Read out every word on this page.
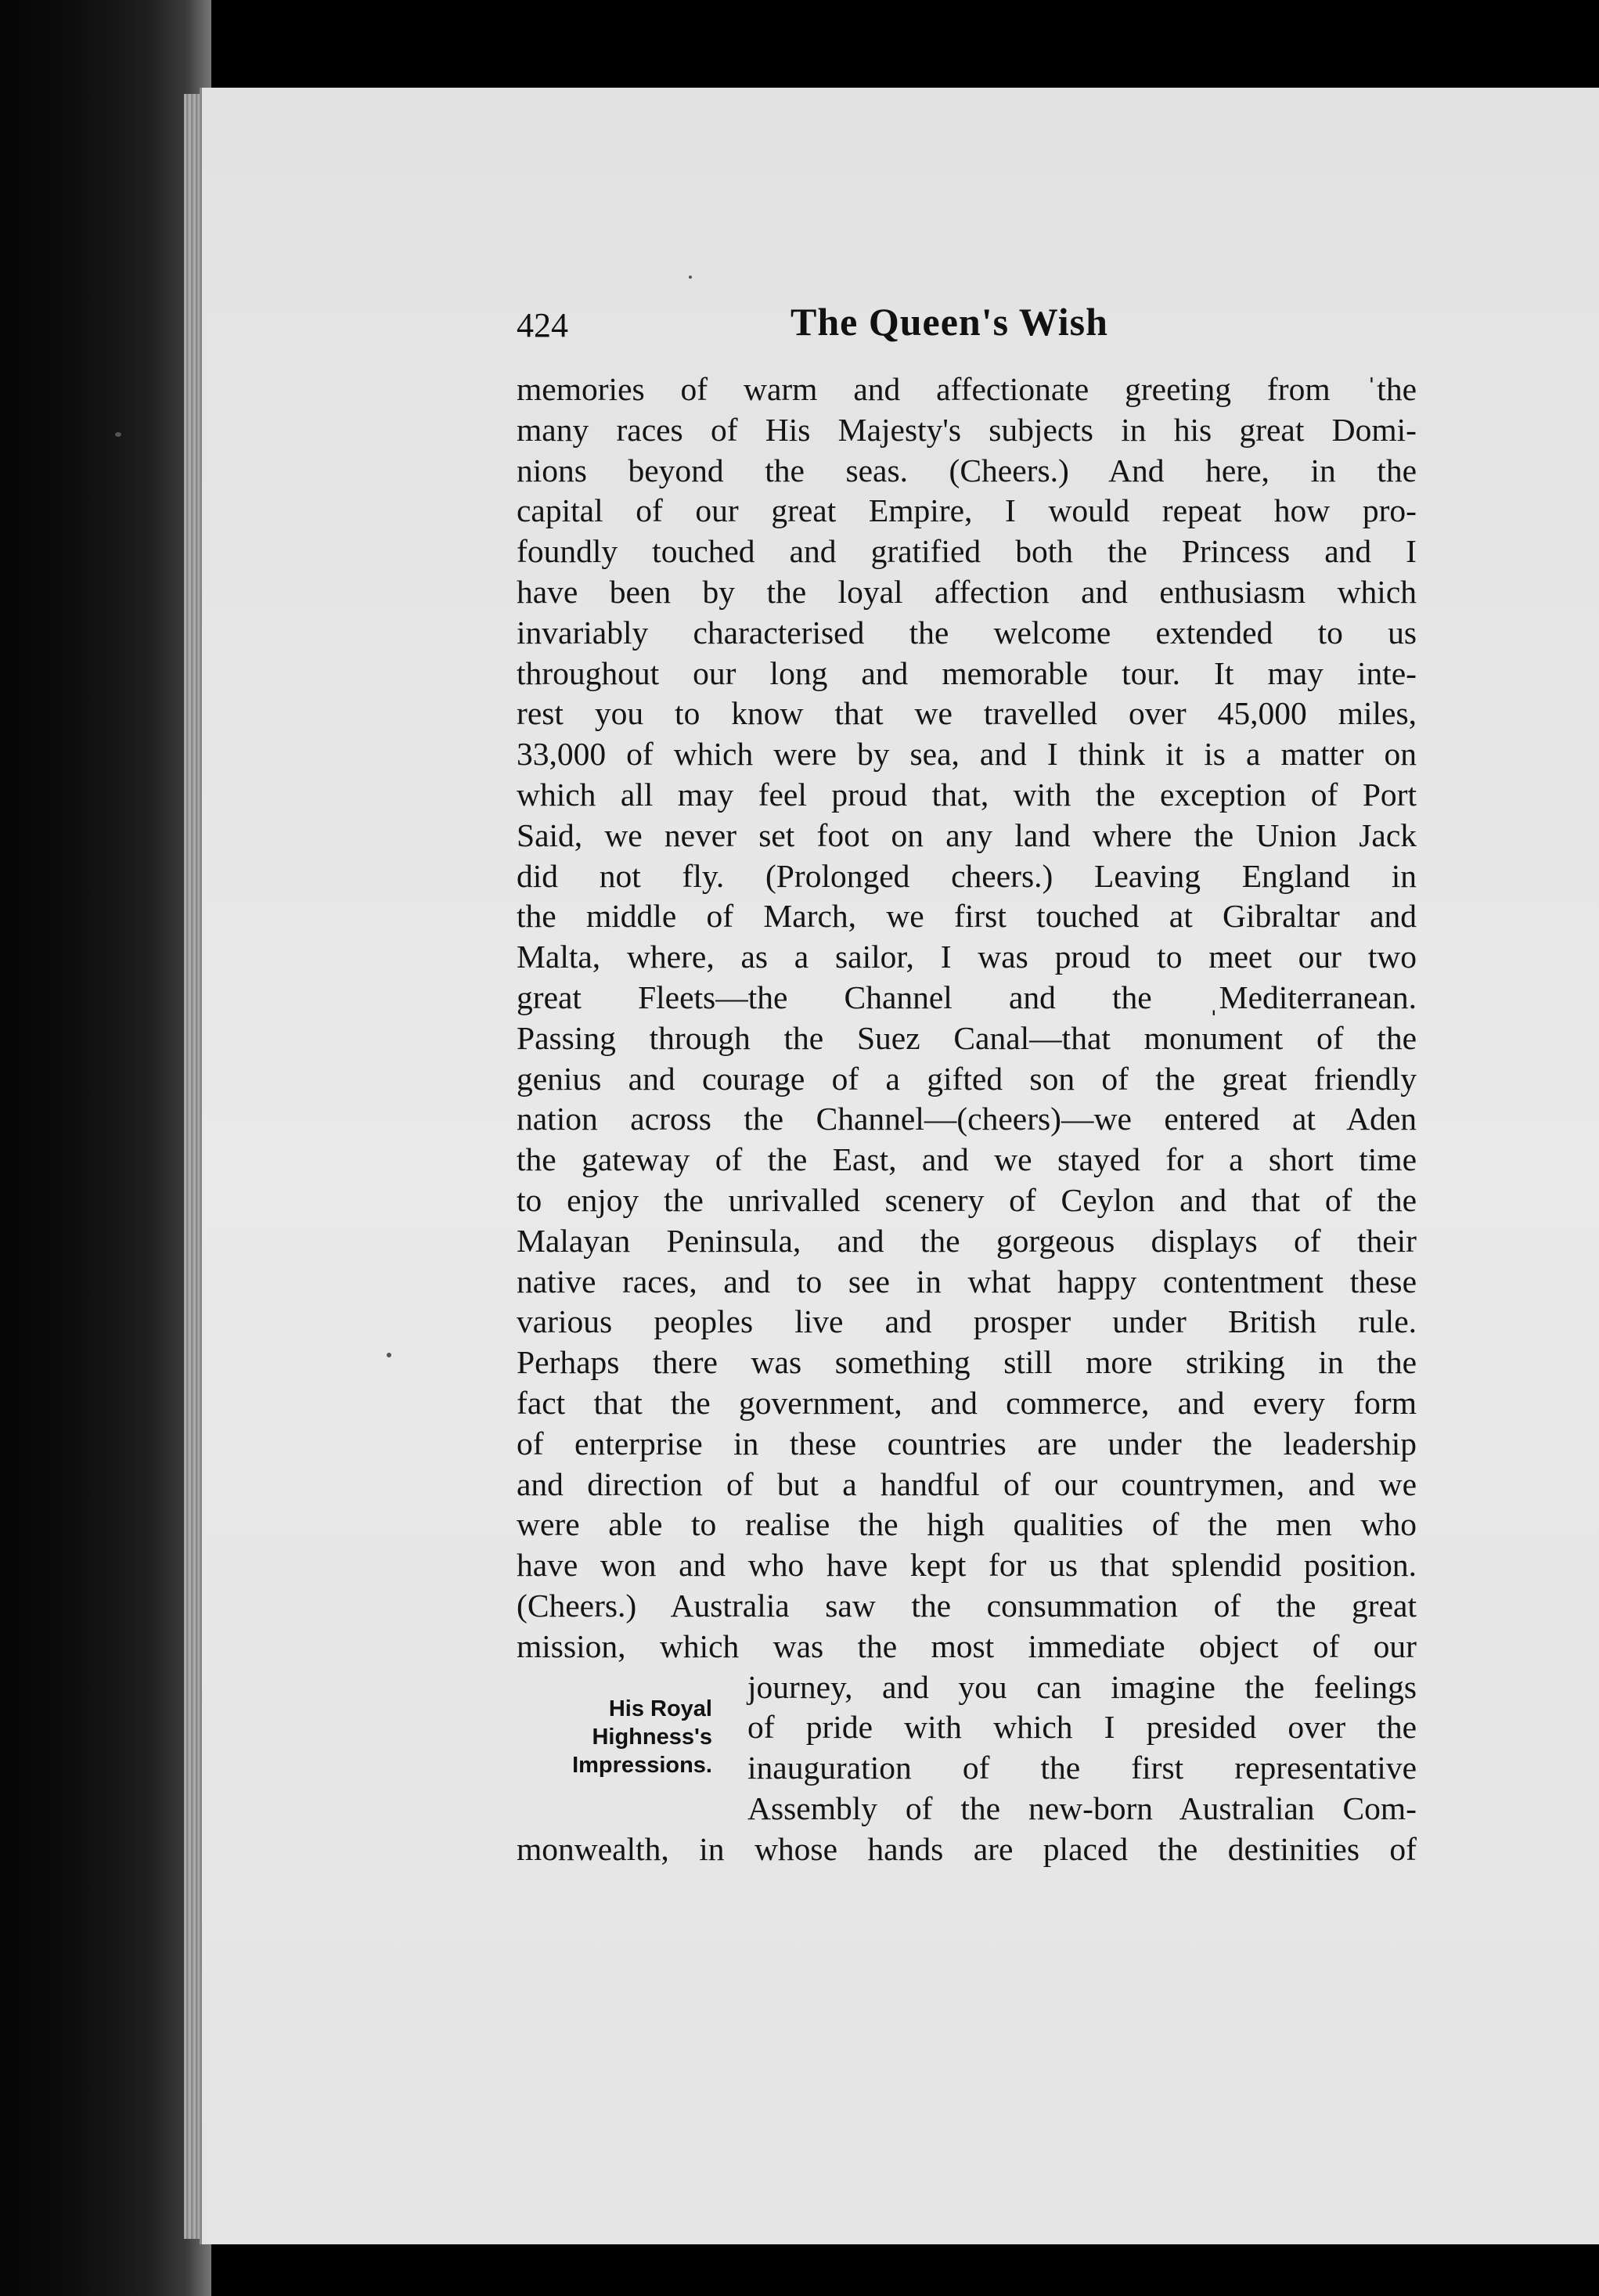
424	The Queen's Wish
memories of warm and affectionate greeting from ˈthe
many races of His Majesty's subjects in his great Domi-
nions beyond the seas. (Cheers.) And here, in the
capital of our great Empire, I would repeat how pro-
foundly touched and gratified both the Princess and I
have been by the loyal affection and enthusiasm which
invariably characterised the welcome extended to us
throughout our long and memorable tour. It may inte-
rest you to know that we travelled over 45,000 miles,
33,000 of which were by sea, and I think it is a matter on
which all may feel proud that, with the exception of Port
Said, we never set foot on any land where the Union Jack
did not fly. (Prolonged cheers.) Leaving England in
the middle of March, we first touched at Gibraltar and
Malta, where, as a sailor, I was proud to meet our two
great Fleets—the Channel and the ˌMediterranean.
Passing through the Suez Canal—that monument of the
genius and courage of a gifted son of the great friendly
nation across the Channel—(cheers)—we entered at Aden
the gateway of the East, and we stayed for a short time
to enjoy the unrivalled scenery of Ceylon and that of the
Malayan Peninsula, and the gorgeous displays of their
native races, and to see in what happy contentment these
various peoples live and prosper under British rule.
Perhaps there was something still more striking in the
fact that the government, and commerce, and every form
of enterprise in these countries are under the leadership
and direction of but a handful of our countrymen, and we
were able to realise the high qualities of the men who
have won and who have kept for us that splendid position.
(Cheers.) Australia saw the consummation of the great
mission, which was the most immediate object of our
journey, and you can imagine the feelings
of pride with which I presided over the
inauguration of the first representative
Assembly of the new-born Australian Com-
monwealth, in whose hands are placed the destinities of
His Royal
Highness's
Impressions.
